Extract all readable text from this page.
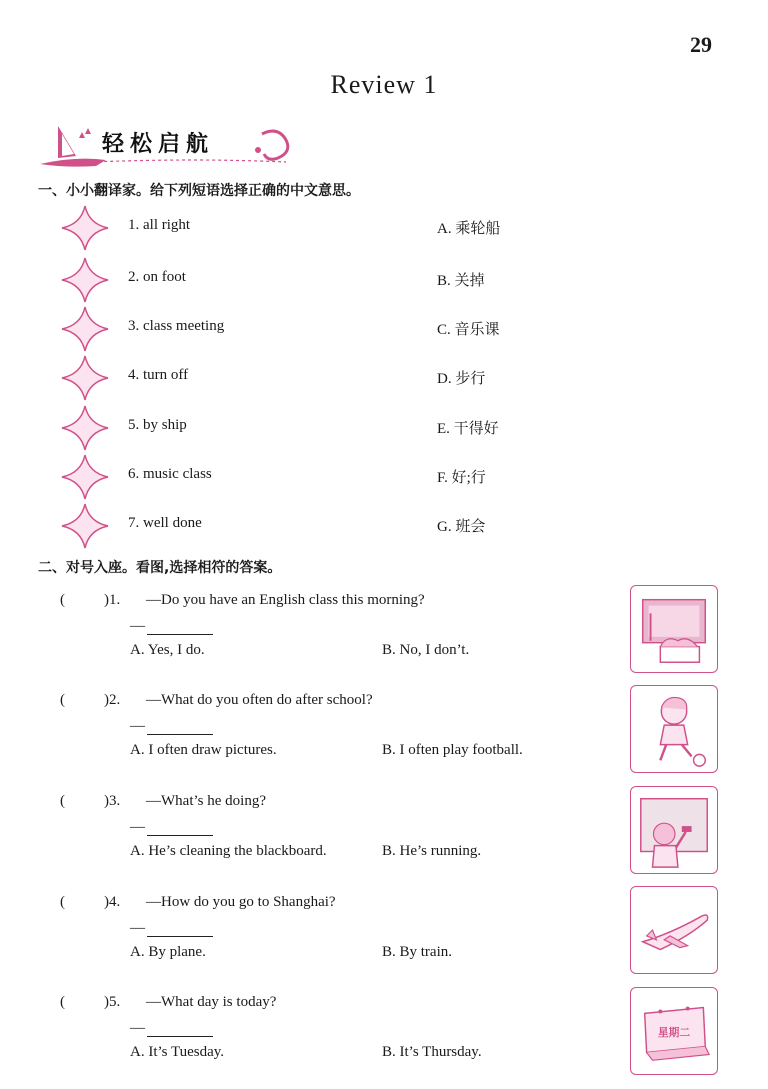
29
Review 1
轻松启航
一、小小翻译家。给下列短语选择正确的中文意思。
1. all right	A. 乘轮船
2. on foot	B. 关掉
3. class meeting	C. 音乐课
4. turn off	D. 步行
5. by ship	E. 干得好
6. music class	F. 好;行
7. well done	G. 班会
二、对号入座。看图,选择相符的答案。
(	)1. —Do you have an English class this morning?
—
A. Yes, I do.	B. No, I don’t.
(	)2. —What do you often do after school?
—
A. I often draw pictures.	B. I often play football.
(	)3. —What’s he doing?
—
A. He’s cleaning the blackboard.	B. He’s running.
(	)4. —How do you go to Shanghai?
—
A. By plane.	B. By train.
(	)5. —What day is today?
—
A. It’s Tuesday.	B. It’s Thursday.
星期二
